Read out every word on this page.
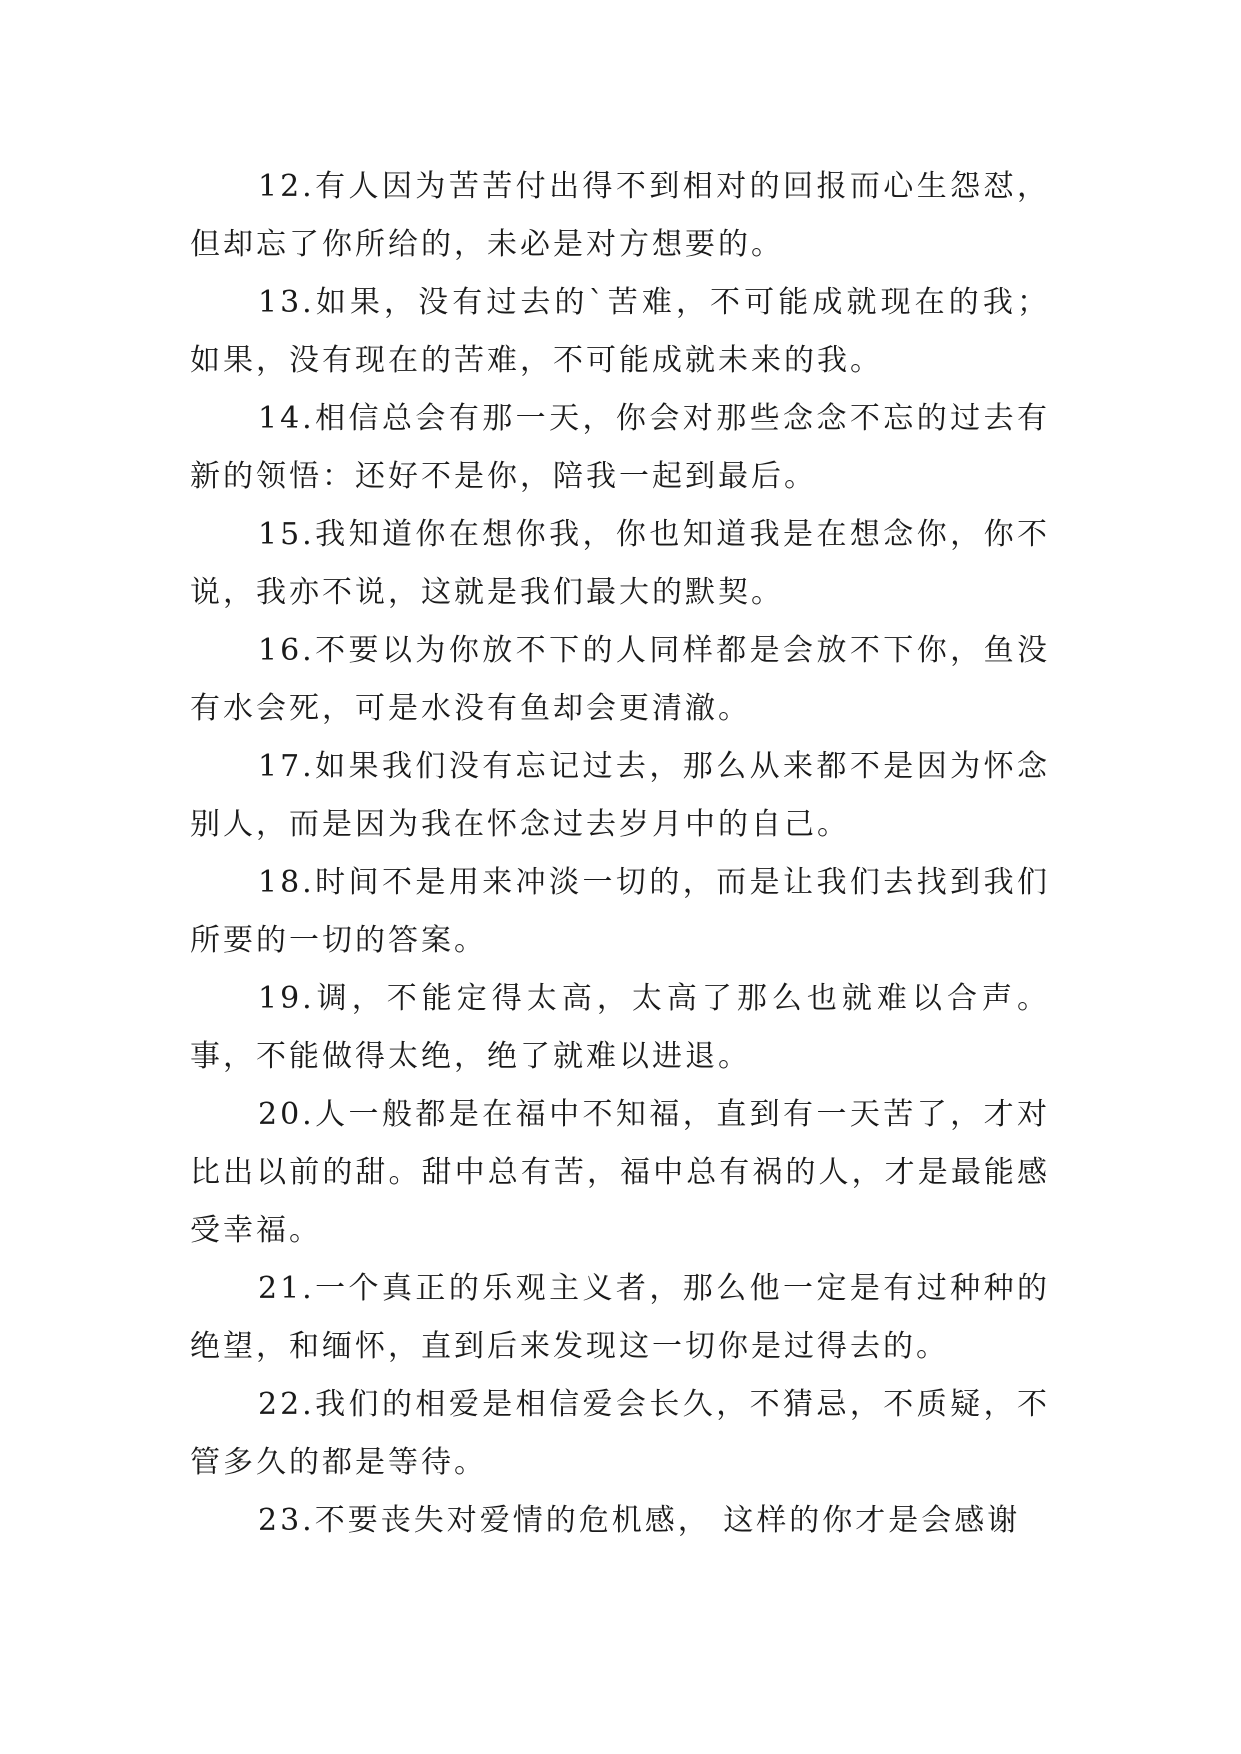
12.有人因为苦苦付出得不到相对的回报而心生怨怼，但却忘了你所给的，未必是对方想要的。

13.如果，没有过去的`苦难，不可能成就现在的我；如果，没有现在的苦难，不可能成就未来的我。

14.相信总会有那一天，你会对那些念念不忘的过去有新的领悟：还好不是你，陪我一起到最后。

15.我知道你在想你我，你也知道我是在想念你，你不说，我亦不说，这就是我们最大的默契。

16.不要以为你放不下的人同样都是会放不下你，鱼没有水会死，可是水没有鱼却会更清澈。

17.如果我们没有忘记过去，那么从来都不是因为怀念别人，而是因为我在怀念过去岁月中的自己。

18.时间不是用来冲淡一切的，而是让我们去找到我们所要的一切的答案。

19.调，不能定得太高，太高了那么也就难以合声。事，不能做得太绝，绝了就难以进退。

20.人一般都是在福中不知福，直到有一天苦了，才对比出以前的甜。甜中总有苦，福中总有祸的人，才是最能感受幸福。

21.一个真正的乐观主义者，那么他一定是有过种种的绝望，和缅怀，直到后来发现这一切你是过得去的。

22.我们的相爱是相信爱会长久，不猜忌，不质疑，不管多久的都是等待。

23.不要丧失对爱情的危机感， 这样的你才是会感谢
